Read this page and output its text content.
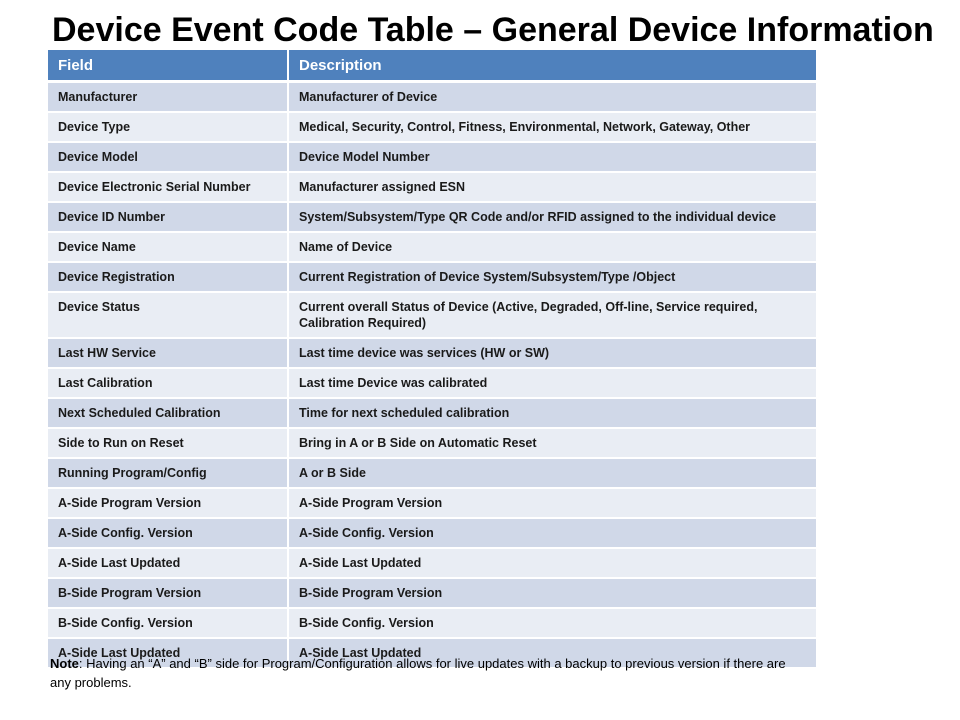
Device Event Code Table – General Device Information
Field	Description
Manufacturer	Manufacturer of Device
Device Type	Medical, Security, Control, Fitness, Environmental, Network, Gateway, Other
Device Model	Device Model Number
Device Electronic Serial Number	Manufacturer assigned ESN
Device ID Number	System/Subsystem/Type QR Code and/or RFID assigned to the individual device
Device Name	Name of Device
Device Registration	Current Registration of Device System/Subsystem/Type /Object
Device Status	Current overall Status of Device (Active, Degraded, Off-line, Service required, Calibration Required)
Last HW Service	Last time device was services (HW or SW)
Last Calibration	Last time Device was calibrated
Next Scheduled Calibration	Time for next scheduled calibration
Side to Run on Reset	Bring in A or B Side on Automatic Reset
Running Program/Config	A or B Side
A-Side Program Version	A-Side Program Version
A-Side Config. Version	A-Side Config. Version
A-Side Last Updated	A-Side Last Updated
B-Side Program Version	B-Side Program Version
B-Side Config. Version	B-Side Config. Version
A-Side Last Updated	A-Side Last Updated

Note: Having an “A” and “B” side for Program/Configuration allows for live updates with a backup to previous version if there are any problems.
